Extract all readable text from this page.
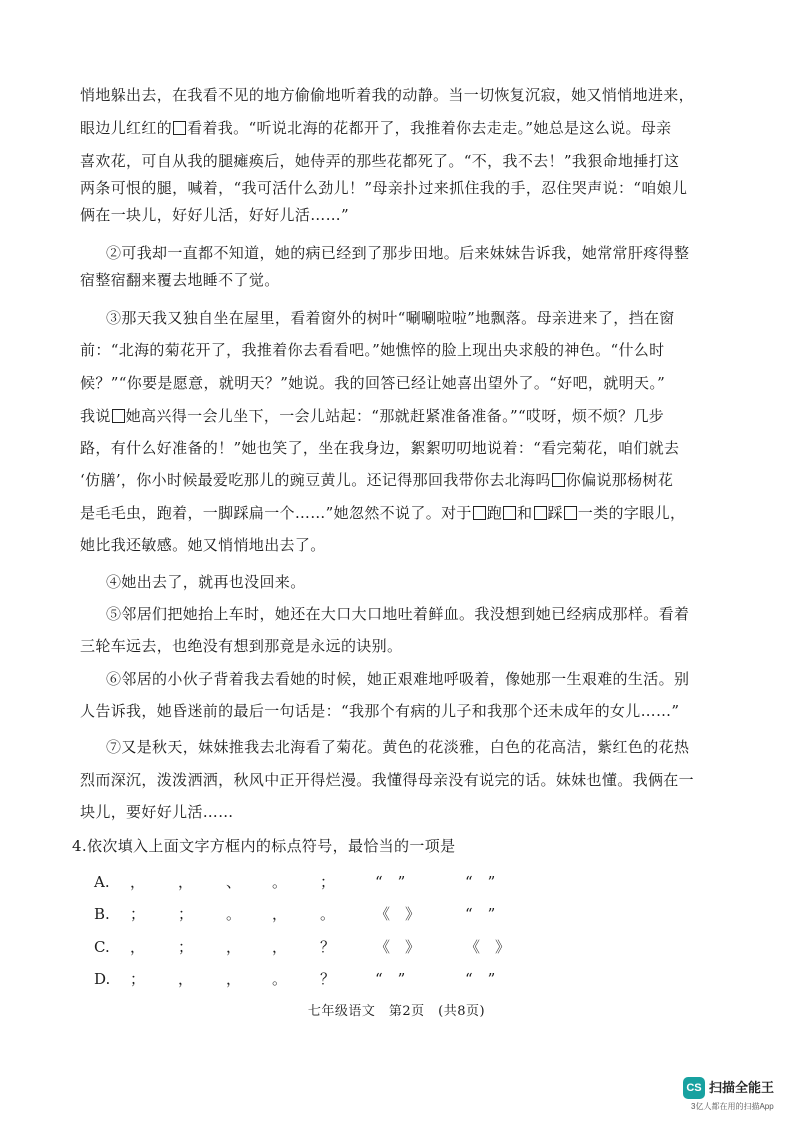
悄地躲出去，在我看不见的地方偷偷地听着我的动静。当一切恢复沉寂，她又悄悄地进来，
眼边儿红红的 看着我。“听说北海的花都开了，我推着你去走走。”她总是这么说。母亲
喜欢花，可自从我的腿瘫痪后，她侍弄的那些花都死了。“不，我不去！”我狠命地捶打这
两条可恨的腿，喊着，“我可活什么劲儿！”母亲扑过来抓住我的手，忍住哭声说：“咱娘儿
俩在一块儿，好好儿活，好好儿活……”
②可我却一直都不知道，她的病已经到了那步田地。后来妹妹告诉我，她常常肝疼得整
宿整宿翻来覆去地睡不了觉。
③那天我又独自坐在屋里，看着窗外的树叶“唰唰啦啦”地飘落。母亲进来了，挡在窗
前：“北海的菊花开了，我推着你去看看吧。”她憔悴的脸上现出央求般的神色。“什么时
候？”“你要是愿意，就明天？”她说。我的回答已经让她喜出望外了。“好吧，就明天。”
我说 她高兴得一会儿坐下，一会儿站起：“那就赶紧准备准备。”“哎呀，烦不烦？几步
路，有什么好准备的！”她也笑了，坐在我身边，絮絮叨叨地说着：“看完菊花，咱们就去
‘仿膳’，你小时候最爱吃那儿的豌豆黄儿。还记得那回我带你去北海吗 你偏说那杨树花
是毛毛虫，跑着，一脚踩扁一个……”她忽然不说了。对于 跑 和 踩 一类的字眼儿，
她比我还敏感。她又悄悄地出去了。
④她出去了，就再也没回来。
⑤邻居们把她抬上车时，她还在大口大口地吐着鲜血。我没想到她已经病成那样。看着
三轮车远去，也绝没有想到那竟是永远的诀别。
⑥邻居的小伙子背着我去看她的时候，她正艰难地呼吸着，像她那一生艰难的生活。别
人告诉我，她昏迷前的最后一句话是：“我那个有病的儿子和我那个还未成年的女儿……”
⑦又是秋天，妹妹推我去北海看了菊花。黄色的花淡雅，白色的花高洁，紫红色的花热
烈而深沉，泼泼洒洒，秋风中正开得烂漫。我懂得母亲没有说完的话。妹妹也懂。我俩在一
块儿，要好好儿活……
4.依次填入上面文字方框内的标点符号，最恰当的一项是
A. ， ， 、 。 ；	“　”	“　”
B. ； ； 。 ， 。	《　》	“　”
C. ， ； ， ， ？	《　》	《　》
D. ； ， ， 。 ？	“　”	“　”
七年级语文　第2页　(共8页)
CS 扫描全能王
3亿人都在用的扫描App
